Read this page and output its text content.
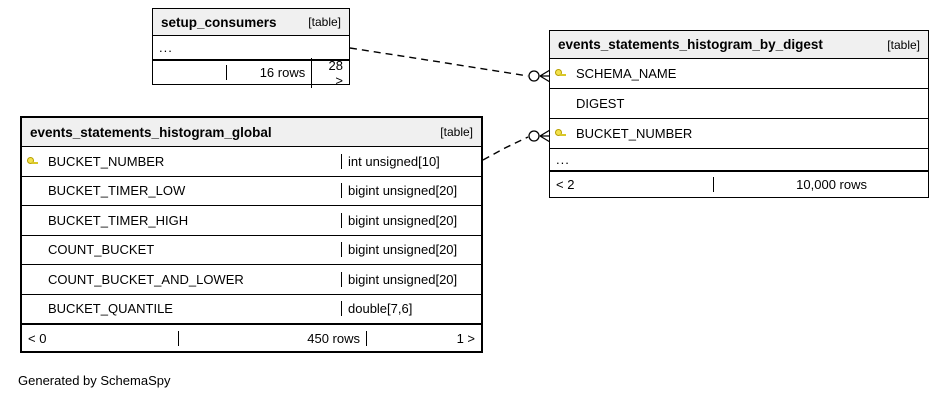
setup_consumers	[table]
...
16 rows	28 >
events_statements_histogram_by_digest	[table]
SCHEMA_NAME
DIGEST
BUCKET_NUMBER
...
< 2	10,000 rows
events_statements_histogram_global	[table]
BUCKET_NUMBER	int unsigned[10]
BUCKET_TIMER_LOW	bigint unsigned[20]
BUCKET_TIMER_HIGH	bigint unsigned[20]
COUNT_BUCKET	bigint unsigned[20]
COUNT_BUCKET_AND_LOWER	bigint unsigned[20]
BUCKET_QUANTILE	double[7,6]
< 0	450 rows	1 >
Generated by SchemaSpy
